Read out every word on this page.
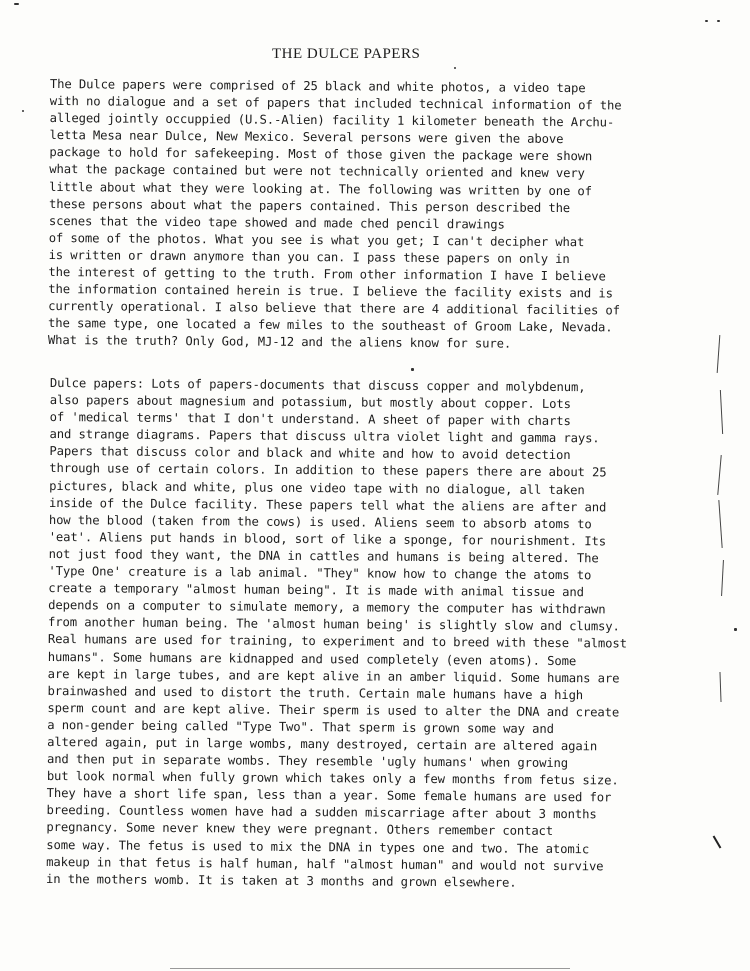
THE DULCE PAPERS
The Dulce papers were comprised of 25 black and white photos, a video tape
with no dialogue and a set of papers that included technical information of the
alleged jointly occuppied (U.S.-Alien) facility 1 kilometer beneath the Archu-
letta Mesa near Dulce, New Mexico. Several persons were given the above
package to hold for safekeeping. Most of those given the package were shown
what the package contained but were not technically oriented and knew very
little about what they were looking at. The following was written by one of
these persons about what the papers contained. This person described the
scenes that the video tape showed and made ched pencil drawings
of some of the photos. What you see is what you get; I can't decipher what
is written or drawn anymore than you can. I pass these papers on only in
the interest of getting to the truth. From other information I have I believe
the information contained herein is true. I believe the facility exists and is
currently operational. I also believe that there are 4 additional facilities of
the same type, one located a few miles to the southeast of Groom Lake, Nevada.
What is the truth? Only God, MJ-12 and the aliens know for sure.
Dulce papers: Lots of papers-documents that discuss copper and molybdenum,
also papers about magnesium and potassium, but mostly about copper. Lots
of 'medical terms' that I don't understand. A sheet of paper with charts
and strange diagrams. Papers that discuss ultra violet light and gamma rays.
Papers that discuss color and black and white and how to avoid detection
through use of certain colors. In addition to these papers there are about 25
pictures, black and white, plus one video tape with no dialogue, all taken
inside of the Dulce facility. These papers tell what the aliens are after and
how the blood (taken from the cows) is used. Aliens seem to absorb atoms to
'eat'. Aliens put hands in blood, sort of like a sponge, for nourishment. Its
not just food they want, the DNA in cattles and humans is being altered. The
'Type One' creature is a lab animal. "They" know how to change the atoms to
create a temporary "almost human being". It is made with animal tissue and
depends on a computer to simulate memory, a memory the computer has withdrawn
from another human being. The 'almost human being' is slightly slow and clumsy.
Real humans are used for training, to experiment and to breed with these "almost
humans". Some humans are kidnapped and used completely (even atoms). Some
are kept in large tubes, and are kept alive in an amber liquid. Some humans are
brainwashed and used to distort the truth. Certain male humans have a high
sperm count and are kept alive. Their sperm is used to alter the DNA and create
a non-gender being called "Type Two". That sperm is grown some way and
altered again, put in large wombs, many destroyed, certain are altered again
and then put in separate wombs. They resemble 'ugly humans' when growing
but look normal when fully grown which takes only a few months from fetus size.
They have a short life span, less than a year. Some female humans are used for
breeding. Countless women have had a sudden miscarriage after about 3 months
pregnancy. Some never knew they were pregnant. Others remember contact
some way. The fetus is used to mix the DNA in types one and two. The atomic
makeup in that fetus is half human, half "almost human" and would not survive
in the mothers womb. It is taken at 3 months and grown elsewhere.
